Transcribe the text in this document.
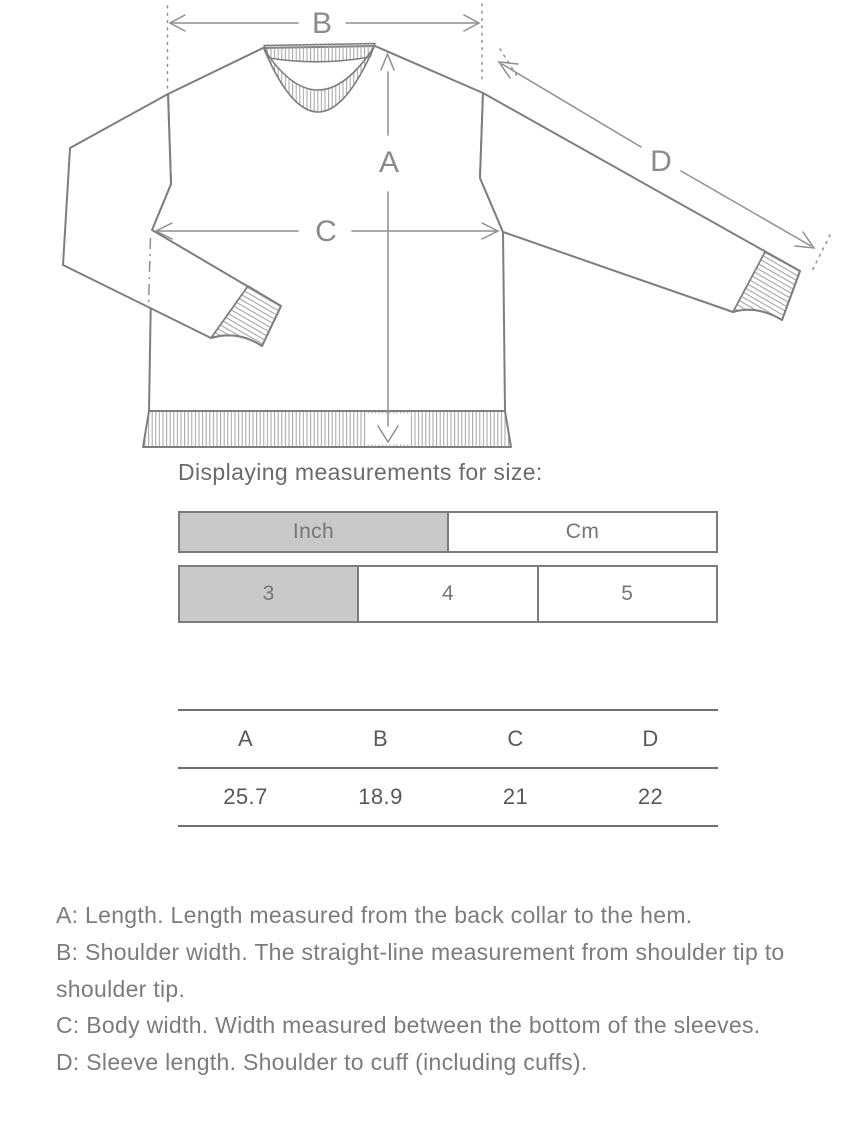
B
A
C
D
Displaying measurements for size:
Inch	Cm
3	4	5
A	B	C	D
25.7	18.9	21	22

A: Length. Length measured from the back collar to the hem.

B: Shoulder width. The straight-line measurement from shoulder tip to shoulder tip.

C: Body width. Width measured between the bottom of the sleeves.

D: Sleeve length. Shoulder to cuff (including cuffs).
